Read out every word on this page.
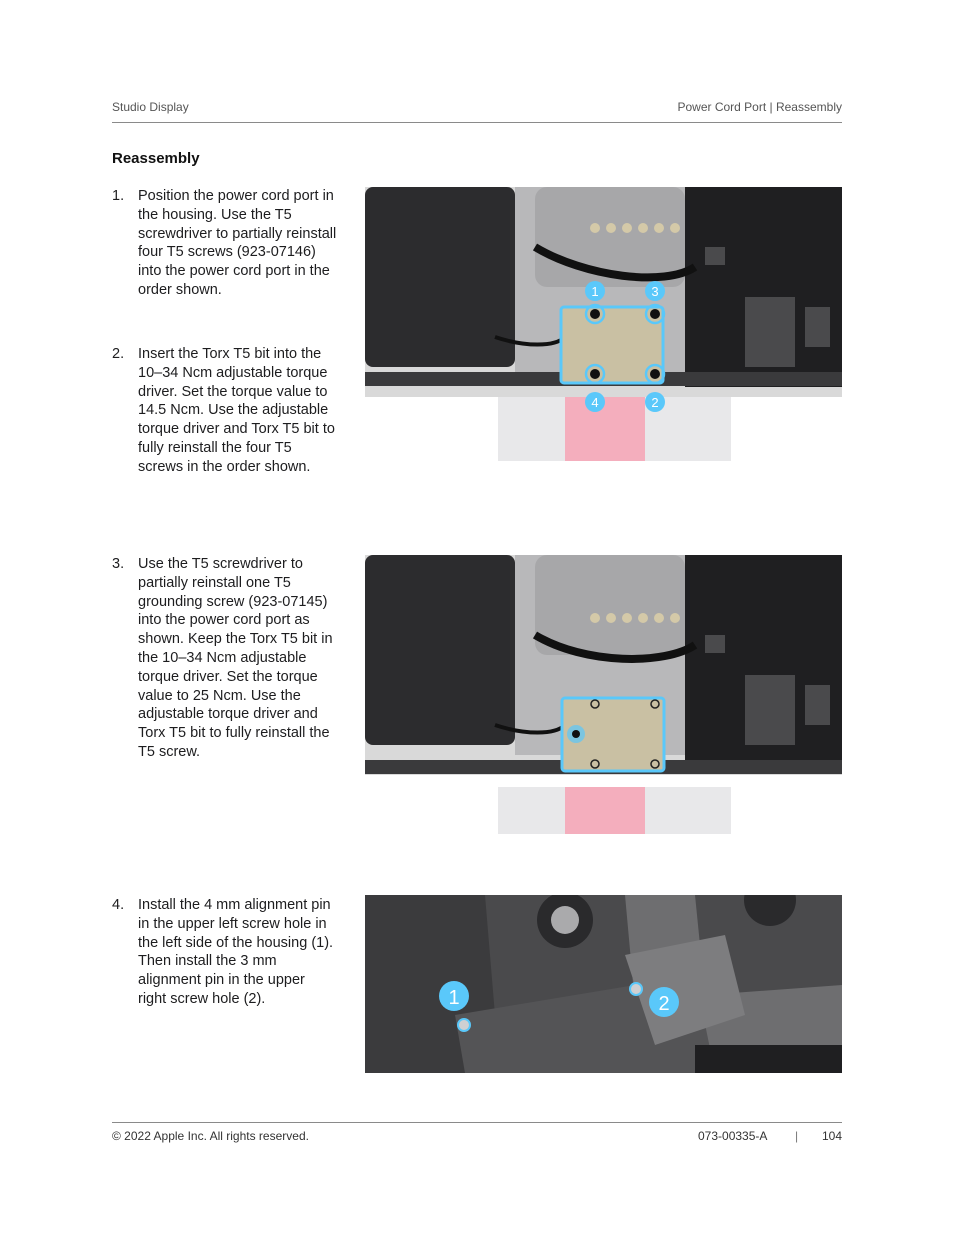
Studio Display	Power Cord Port | Reassembly
Reassembly
1. Position the power cord port in the housing. Use the T5 screwdriver to partially reinstall four T5 screws (923-07146) into the power cord port in the order shown.
2. Insert the Torx T5 bit into the 10–34 Ncm adjustable torque driver. Set the torque value to 14.5 Ncm. Use the adjustable torque driver and Torx T5 bit to fully reinstall the four T5 screws in the order shown.
1	3
4	2
3. Use the T5 screwdriver to partially reinstall one T5 grounding screw (923-07145) into the power cord port as shown. Keep the Torx T5 bit in the 10–34 Ncm adjustable torque driver. Set the torque value to 25 Ncm. Use the adjustable torque driver and Torx T5 bit to fully reinstall the T5 screw.
4. Install the 4 mm alignment pin in the upper left screw hole in the left side of the housing (1). Then install the 3 mm alignment pin in the upper right screw hole (2).	1	2
© 2022 Apple Inc. All rights reserved.	073-00335-A | 104
